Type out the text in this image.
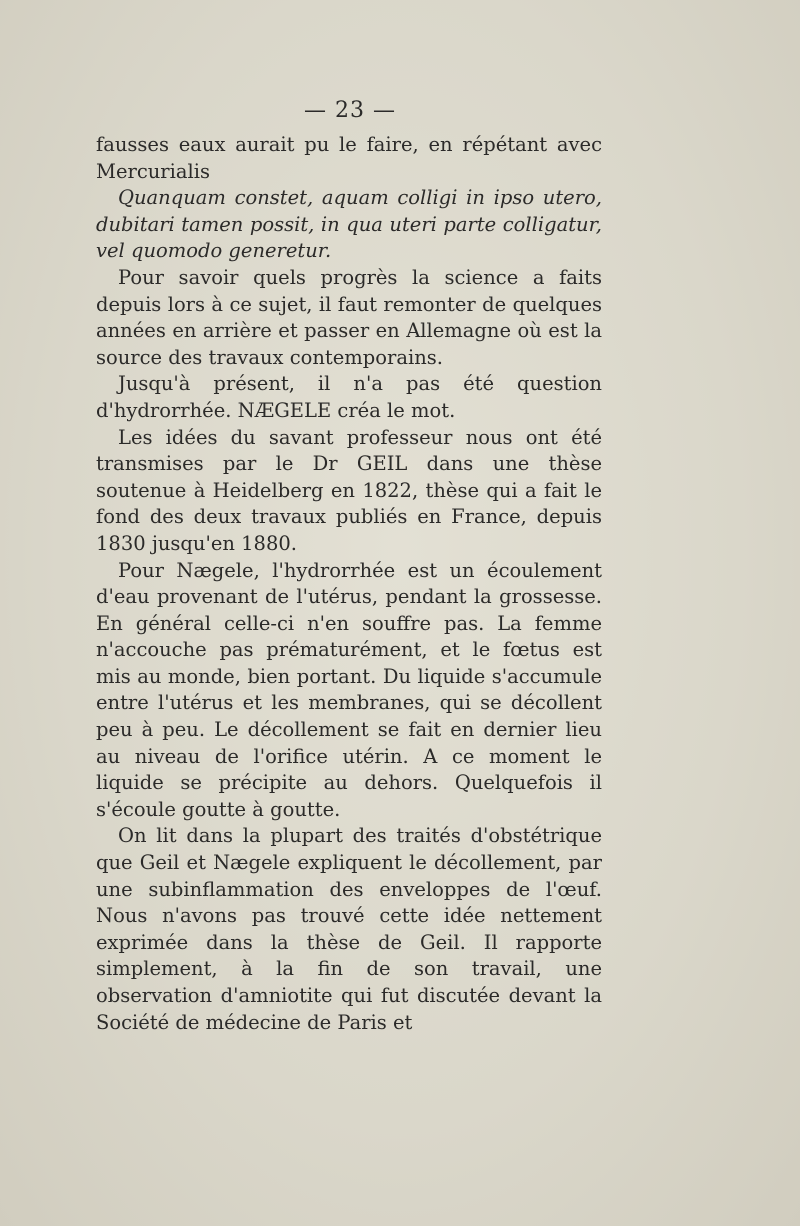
— 23 —

fausses eaux aurait pu le faire, en répétant avec Mercurialis

Quanquam constet, aquam colligi in ipso utero, dubitari tamen possit, in qua uteri parte colligatur, vel quomodo generetur.

Pour savoir quels progrès la science a faits depuis lors à ce sujet, il faut remonter de quelques années en arrière et passer en Allemagne où est la source des travaux contemporains.

Jusqu'à présent, il n'a pas été question d'hydrorrhée. NÆGELE créa le mot.

Les idées du savant professeur nous ont été transmises par le Dr GEIL dans une thèse soutenue à Heidelberg en 1822, thèse qui a fait le fond des deux travaux publiés en France, depuis 1830 jusqu'en 1880.

Pour Nægele, l'hydrorrhée est un écoulement d'eau provenant de l'utérus, pendant la grossesse. En général celle-ci n'en souffre pas. La femme n'accouche pas prématurément, et le fœtus est mis au monde, bien portant. Du liquide s'accumule entre l'utérus et les membranes, qui se décollent peu à peu. Le décollement se fait en dernier lieu au niveau de l'orifice utérin. A ce moment le liquide se précipite au dehors. Quelquefois il s'écoule goutte à goutte.

On lit dans la plupart des traités d'obstétrique que Geil et Nægele expliquent le décollement, par une subinflammation des enveloppes de l'œuf. Nous n'avons pas trouvé cette idée nettement exprimée dans la thèse de Geil. Il rapporte simplement, à la fin de son travail, une observation d'amniotite qui fut discutée devant la Société de médecine de Paris et
